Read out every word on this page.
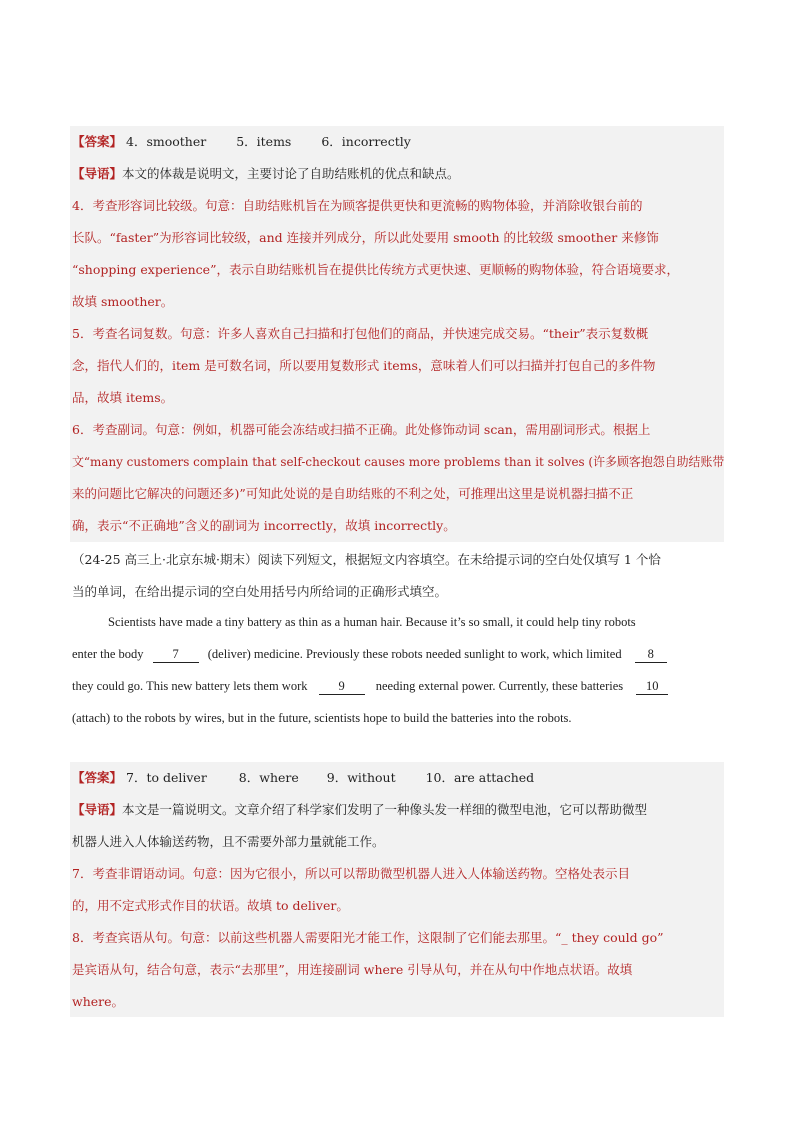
【答案】 4．smoother 5．items 6．incorrectly
【导语】本文的体裁是说明文，主要讨论了自助结账机的优点和缺点。
4．考查形容词比较级。句意：自助结账机旨在为顾客提供更快和更流畅的购物体验，并消除收银台前的
长队。“faster”为形容词比较级，and 连接并列成分，所以此处要用 smooth 的比较级 smoother 来修饰
“shopping experience”，表示自助结账机旨在提供比传统方式更快速、更顺畅的购物体验，符合语境要求，
故填 smoother。
5．考查名词复数。句意：许多人喜欢自己扫描和打包他们的商品，并快速完成交易。“their”表示复数概
念，指代人们的，item 是可数名词，所以要用复数形式 items，意味着人们可以扫描并打包自己的多件物
品，故填 items。
6．考查副词。句意：例如，机器可能会冻结或扫描不正确。此处修饰动词 scan，需用副词形式。根据上
文“many customers complain that self-checkout causes more problems than it solves (许多顾客抱怨自助结账带
来的问题比它解决的问题还多)”可知此处说的是自助结账的不利之处，可推理出这里是说机器扫描不正
确，表示“不正确地”含义的副词为 incorrectly，故填 incorrectly。
（24-25 高三上·北京东城·期末）阅读下列短文，根据短文内容填空。在未给提示词的空白处仅填写 1 个恰
当的单词，在给出提示词的空白处用括号内所给词的正确形式填空。
Scientists have made a tiny battery as thin as a human hair. Because it’s so small, it could help tiny robots
enter the body 7 (deliver) medicine. Previously these robots needed sunlight to work, which limited 8
they could go. This new battery lets them work 9 needing external power. Currently, these batteries 10
(attach) to the robots by wires, but in the future, scientists hope to build the batteries into the robots.
【答案】 7．to deliver	8．where 9．without 10．are attached
【导语】本文是一篇说明文。文章介绍了科学家们发明了一种像头发一样细的微型电池，它可以帮助微型
机器人进入人体输送药物，且不需要外部力量就能工作。
7．考查非谓语动词。句意：因为它很小，所以可以帮助微型机器人进入人体输送药物。空格处表示目
的，用不定式形式作目的状语。故填 to deliver。
8．考查宾语从句。句意：以前这些机器人需要阳光才能工作，这限制了它们能去那里。“_ they could go”
是宾语从句，结合句意，表示“去那里”，用连接副词 where 引导从句，并在从句中作地点状语。故填
where。
